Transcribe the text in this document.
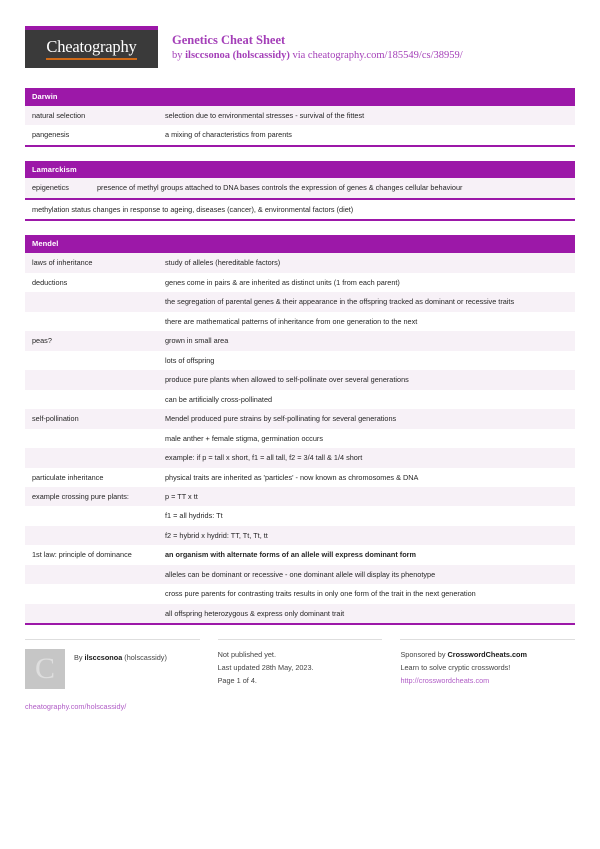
Cheatography	Genetics Cheat Sheet
by ilsccsonoa (holscassidy) via cheatography.com/185549/cs/38959/
Darwin
natural selection	selection due to environmental stresses - survival of the fittest
pangenesis	a mixing of characteristics from parents
Lamarckism
epigenetics	presence of methyl groups attached to DNA bases controls the expression of genes & changes cellular behaviour
methylation status changes in response to ageing, diseases (cancer), & environmental factors (diet)
Mendel
laws of inheritance	study of alleles (hereditable factors)
deductions	genes come in pairs & are inherited as distinct units (1 from each parent)
	the segregation of parental genes & their appearance in the offspring tracked as dominant or recessive traits
	there are mathematical patterns of inheritance from one generation to the next
peas?	grown in small area
	lots of offspring
	produce pure plants when allowed to self-pollinate over several generations
	can be artificially cross-pollinated
self-pollination	Mendel produced pure strains by self-pollinating for several generations
	male anther + female stigma, germination occurs
	example: if p = tall x short, f1 = all tall, f2 = 3/4 tall & 1/4 short
particulate inheritance	physical traits are inherited as 'particles' - now known as chromosomes & DNA
example crossing pure plants:	p = TT x tt
	f1 = all hydrids: Tt
	f2 = hybrid x hydrid: TT, Tt, Tt, tt
1st law: principle of dominance	an organism with alternate forms of an allele will express dominant form
	alleles can be dominant or recessive - one dominant allele will display its phenotype
	cross pure parents for contrasting traits results in only one form of the trait in the next generation
	all offspring heterozygous & express only dominant trait
C	By ilsccsonoa (holscassidy)
cheatography.com/holscassidy/
Not published yet.
Last updated 28th May, 2023.
Page 1 of 4.
Sponsored by CrosswordCheats.com
Learn to solve cryptic crosswords!
http://crosswordcheats.com
